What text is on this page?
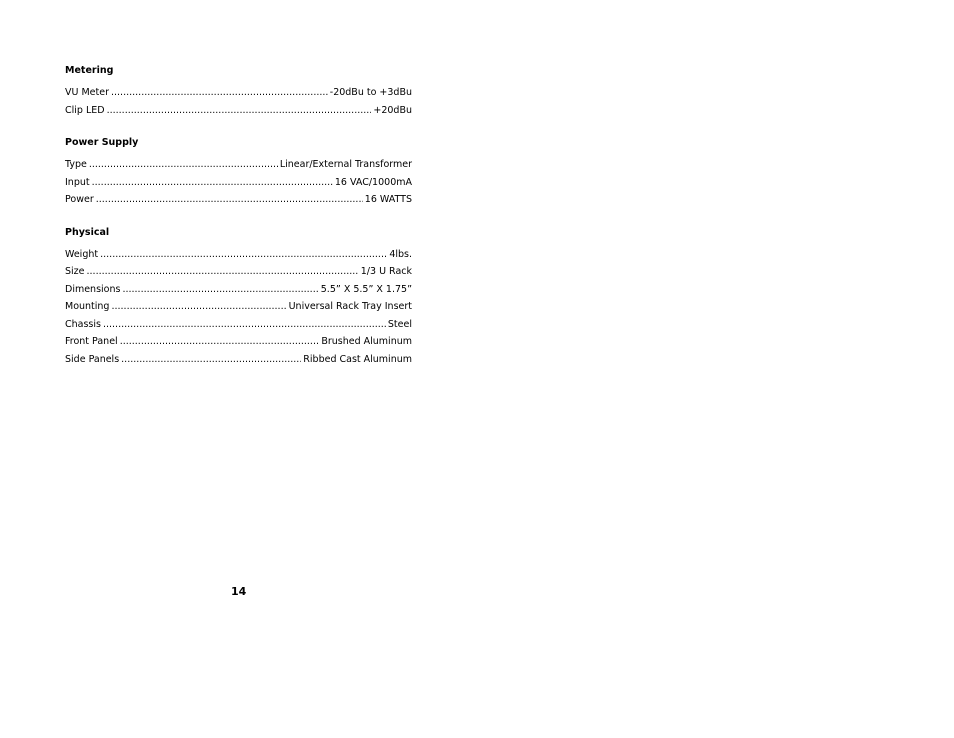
Metering
VU Meter .....	-20dBu to +3dBu
Clip LED .....	+20dBu
Power Supply
Type .....	Linear/External Transformer
Input .....	16 VAC/1000mA
Power .....	16 WATTS
Physical
Weight .....	4lbs.
Size .....	1/3 U Rack
Dimensions .....	5.5” X 5.5” X 1.75”
Mounting .....	Universal Rack Tray Insert
Chassis .....	Steel
Front Panel .....	Brushed Aluminum
Side Panels .....	Ribbed Cast Aluminum
14
